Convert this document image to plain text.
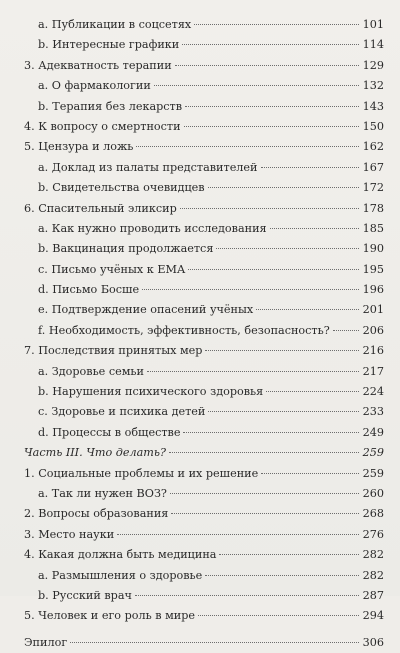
a. Публикации в соцсетях	101
b. Интересные графики	114
3. Адекватность терапии	129
a. О фармакологии	132
b. Терапия без лекарств	143
4. К вопросу о смертности	150
5. Цензура и ложь	162
a. Доклад из палаты представителей	167
b. Свидетельства очевидцев	172
6. Спасительный эликсир	178
a. Как нужно проводить исследования	185
b. Вакцинация продолжается	190
c. Письмо учёных к ЕМА	195
d. Письмо Босше	196
e. Подтверждение опасений учёных	201
f. Необходимость, эффективность, безопасность?	206
7. Последствия принятых мер	216
a. Здоровье семьи	217
b. Нарушения психического здоровья	224
c. Здоровье и психика детей	233
d. Процессы в обществе	249
Часть III. Что делать?	259
1. Социальные проблемы и их решение	259
a. Так ли нужен ВОЗ?	260
2. Вопросы образования	268
3. Место науки	276
4. Какая должна быть медицина	282
a. Размышления о здоровье	282
b. Русский врач	287
5. Человек и его роль в мире	294
Эпилог	306
